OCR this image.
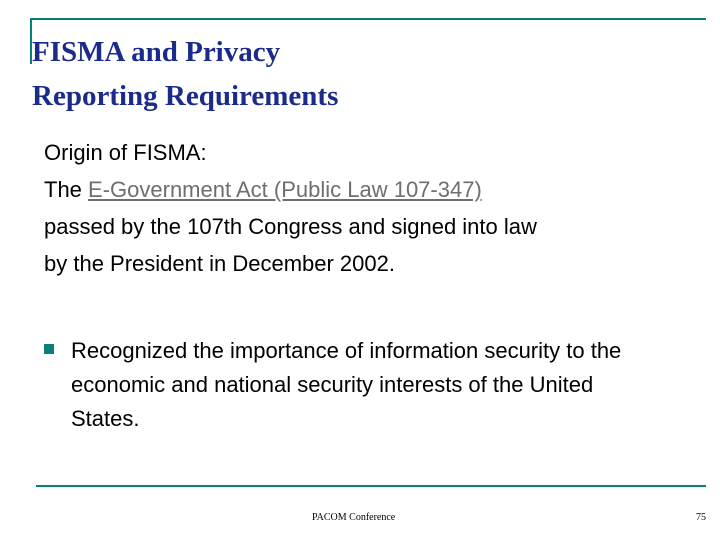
FISMA and Privacy
Reporting Requirements

Origin of FISMA:

The E-Government Act (Public Law 107-347)

passed by the 107th Congress and signed into law

by the President in December 2002.

Recognized the importance of information security to the economic and national security interests of the United States.
PACOM Conference	75
